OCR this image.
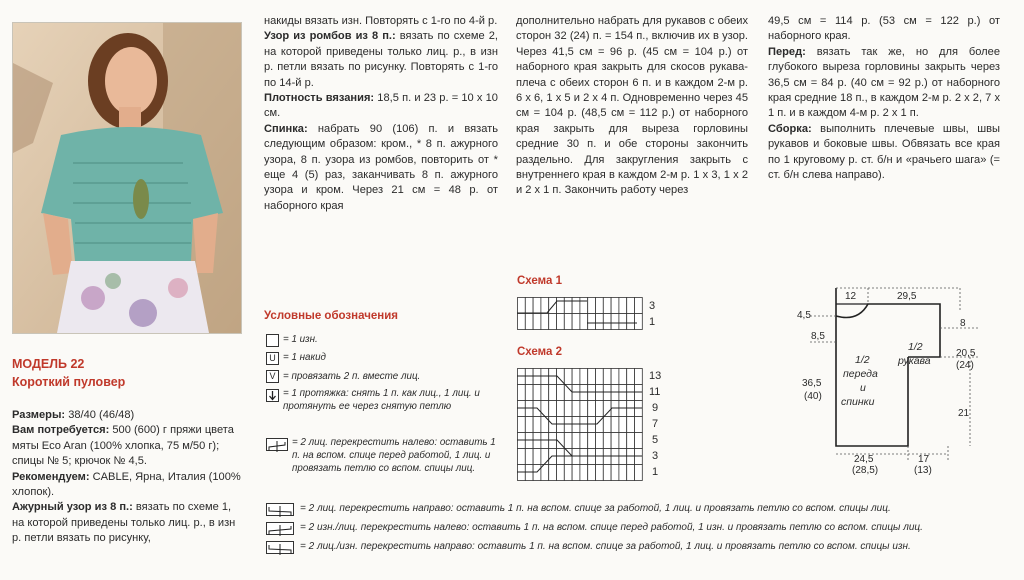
МОДЕЛЬ 22
Короткий пуловер
Размеры: 38/40 (46/48)
Вам потребуется: 500 (600) г пряжи цвета мяты Eco Aran (100% хлопка, 75 м/50 г); спицы № 5; крючок № 4,5.
Рекомендуем: CABLE, Ярна, Италия (100% хлопок).
Ажурный узор из 8 п.: вязать по схеме 1, на которой приведены только лиц. р., в изн р. петли вязать по рисунку,
накиды вязать изн. Повторять с 1-го по 4-й р.
Узор из ромбов из 8 п.: вязать по схеме 2, на которой приведены только лиц. р., в изн р. петли вязать по рисунку. Повторять с 1-го по 14-й р.
Плотность вязания: 18,5 п. и 23 р. = 10 х 10 см.
Спинка: набрать 90 (106) п. и вязать следующим образом: кром., * 8 п. ажурного узора, 8 п. узора из ромбов, повторить от * еще 4 (5) раз, заканчивать 8 п. ажурного узора и кром. Через 21 см = 48 р. от наборного края
дополнительно набрать для рукавов с обеих сторон 32 (24) п. = 154 п., включив их в узор. Через 41,5 см = 96 р. (45 см = 104 р.) от наборного края закрыть для скосов рукава-плеча с обеих сторон 6 п. и в каждом 2-м р. 6 х 6, 1 х 5 и 2 х 4 п. Одновременно через 45 см = 104 р. (48,5 см = 112 р.) от наборного края закрыть для выреза горловины средние 30 п. и обе стороны закончить раздельно. Для закругления закрыть с внутреннего края в каждом 2-м р. 1 х 3, 1 х 2 и 2 х 1 п. Закончить работу через
49,5 см = 114 р. (53 см = 122 р.) от наборного края.
Перед: вязать так же, но для более глубокого выреза горловины закрыть через 36,5 см = 84 р. (40 см = 92 р.) от наборного края средние 18 п., в каждом 2-м р. 2 х 2, 7 х 1 п. и в каждом 4-м р. 2 х 1 п.
Сборка: выполнить плечевые швы, швы рукавов и боковые швы. Обвязать все края по 1 круговому р. ст. б/н и «рачьего шага» (= ст. б/н слева направо).
Условные обозначения
= 1 изн.
U = 1 накид
V = провязать 2 п. вместе лиц.
= 1 протяжка: снять 1 п. как лиц., 1 лиц. и протянуть ее через снятую петлю
= 2 лиц. перекрестить налево: оставить 1 п. на вспом. спице перед работой, 1 лиц. и провязать петлю со вспом. спицы лиц.
Схема 1
3
1
Схема 2
13
11
9
7
5
3
1
12	29,5
4,5
8,5
8
20,5
(24)
36,5
(40)
21
24,5
(28,5)
17
(13)
1/2
переда
и
спинки
1/2
рукава
= 2 лиц. перекрестить направо: оставить 1 п. на вспом. спице за работой, 1 лиц. и провязать петлю со вспом. спицы лиц.
= 2 изн./лиц. перекрестить налево: оставить 1 п. на вспом. спице перед работой, 1 изн. и провязать петлю со вспом. спицы лиц.
= 2 лиц./изн. перекрестить направо: оставить 1 п. на вспом. спице за работой, 1 лиц. и провязать петлю со вспом. спицы изн.
